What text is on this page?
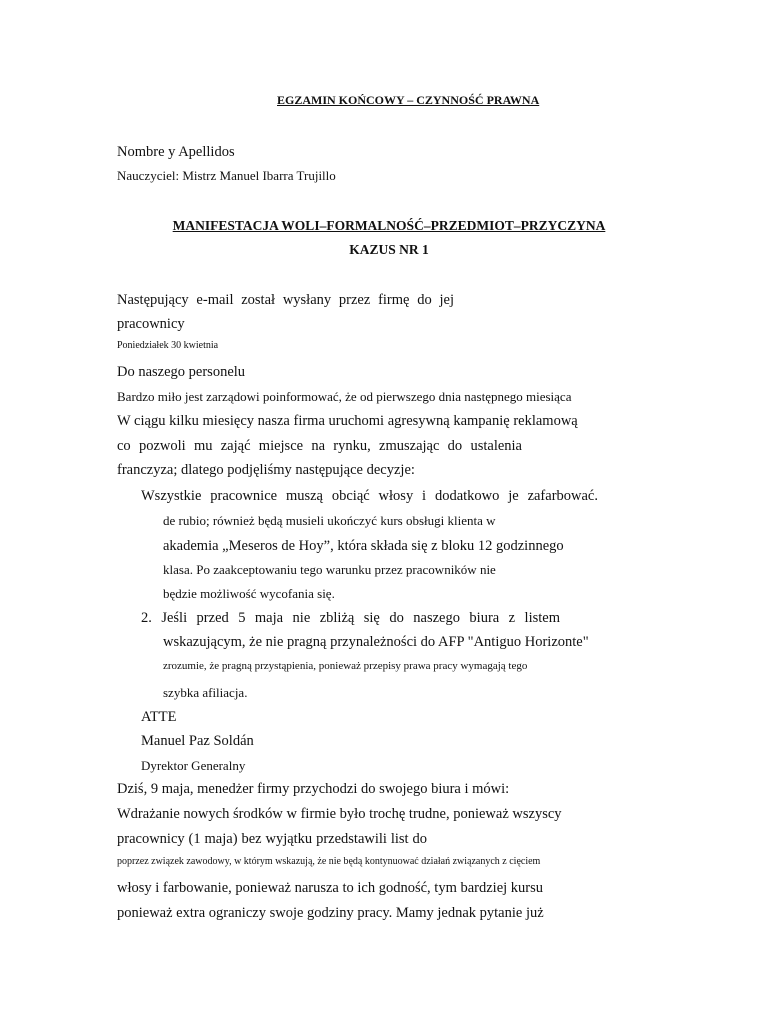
EGZAMIN KOŃCOWY – CZYNNOŚĆ PRAWNA
Nombre y Apellidos
Nauczyciel: Mistrz Manuel Ibarra Trujillo
MANIFESTACJA WOLI–FORMALNOŚĆ–PRZEDMIOT–PRZYCZYNA
KAZUS NR 1
Następujący e-mail został wysłany przez firmę do jej
pracownicy
Poniedziałek 30 kwietnia
Do naszego personelu
Bardzo miło jest zarządowi poinformować, że od pierwszego dnia następnego miesiąca
W ciągu kilku miesięcy nasza firma uruchomi agresywną kampanię reklamową
co pozwoli mu zająć miejsce na rynku, zmuszając do ustalenia
franczyza; dlatego podjęliśmy następujące decyzje:
Wszystkie pracownice muszą obciąć włosy i dodatkowo je zafarbować.
de rubio; również będą musieli ukończyć kurs obsługi klienta w
akademia „Meseros de Hoy”, która składa się z bloku 12 godzinnego
klasa. Po zaakceptowaniu tego warunku przez pracowników nie
będzie możliwość wycofania się.
2. Jeśli przed 5 maja nie zbliżą się do naszego biura z listem
wskazującym, że nie pragną przynależności do AFP "Antiguo Horizonte"
zrozumie, że pragną przystąpienia, ponieważ przepisy prawa pracy wymagają tego
szybka afiliacja.
ATTE
Manuel Paz Soldán
Dyrektor Generalny
Dziś, 9 maja, menedżer firmy przychodzi do swojego biura i mówi:
Wdrażanie nowych środków w firmie było trochę trudne, ponieważ wszyscy
pracownicy (1 maja) bez wyjątku przedstawili list do
poprzez związek zawodowy, w którym wskazują, że nie będą kontynuować działań związanych z cięciem
włosy i farbowanie, ponieważ narusza to ich godność, tym bardziej kursu
ponieważ extra ograniczy swoje godziny pracy. Mamy jednak pytanie już
